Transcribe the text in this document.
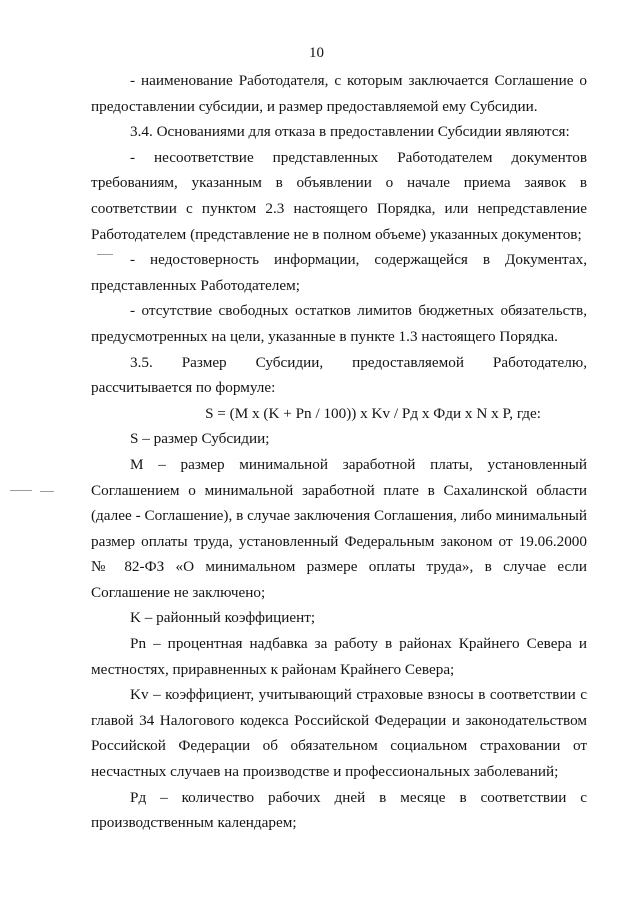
10

- наименование Работодателя, с которым заключается Соглашение о предоставлении субсидии, и размер предоставляемой ему Субсидии.

3.4. Основаниями для отказа в предоставлении Субсидии являются:

- несоответствие представленных Работодателем документов требованиям, указанным в объявлении о начале приема заявок в соответствии с пунктом 2.3 настоящего Порядка, или непредставление Работодателем (представление не в полном объеме) указанных документов;

- недостоверность информации, содержащейся в Документах, представленных Работодателем;

- отсутствие свободных остатков лимитов бюджетных обязательств, предусмотренных на цели, указанные в пункте 1.3 настоящего Порядка.

3.5. Размер Субсидии, предоставляемой Работодателю, рассчитывается по формуле:

S = (M x (K + Pn / 100)) x Kv / Pд x Фди x N x P, где:

S – размер Субсидии;

M – размер минимальной заработной платы, установленный Соглашением о минимальной заработной плате в Сахалинской области (далее - Соглашение), в случае заключения Соглашения, либо минимальный размер оплаты труда, установленный Федеральным законом от 19.06.2000 № 82-ФЗ «О минимальном размере оплаты труда», в случае если Соглашение не заключено;

K – районный коэффициент;

Pn – процентная надбавка за работу в районах Крайнего Севера и местностях, приравненных к районам Крайнего Севера;

Kv – коэффициент, учитывающий страховые взносы в соответствии с главой 34 Налогового кодекса Российской Федерации и законодательством Российской Федерации об обязательном социальном страховании от несчастных случаев на производстве и профессиональных заболеваний;

Pд – количество рабочих дней в месяце в соответствии с производственным календарем;
